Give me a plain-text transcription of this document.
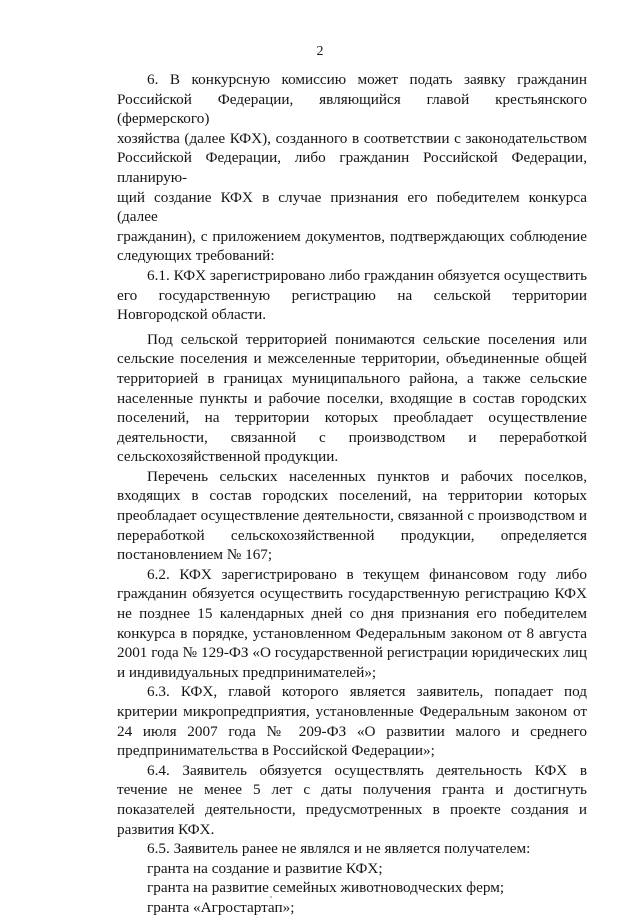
2
6. В конкурсную комиссию может подать заявку гражданин
Российской Федерации, являющийся главой крестьянского (фермерского)
хозяйства (далее КФХ), созданного в соответствии с законодательством
Российской Федерации, либо гражданин Российской Федерации, планирую-
щий создание КФХ в случае признания его победителем конкурса (далее
гражданин), с приложением документов, подтверждающих соблюдение
следующих требований:

6.1. КФХ зарегистрировано либо гражданин обязуется осуществить его государственную регистрацию на сельской территории Новгородской области.

Под сельской территорией понимаются сельские поселения или сельские поселения и межселенные территории, объединенные общей территорией в границах муниципального района, а также сельские населенные пункты и рабочие поселки, входящие в состав городских поселений, на территории которых преобладает осуществление деятельности, связанной с производством и переработкой сельскохозяйственной продукции.

Перечень сельских населенных пунктов и рабочих поселков, входящих в состав городских поселений, на территории которых преобладает осуществление деятельности, связанной с производством и переработкой сельскохозяйственной продукции, определяется постановлением № 167;

6.2. КФХ зарегистрировано в текущем финансовом году либо гражданин обязуется осуществить государственную регистрацию КФХ не позднее 15 календарных дней со дня признания его победителем конкурса в порядке, установленном Федеральным законом от 8 августа 2001 года № 129-ФЗ «О государственной регистрации юридических лиц и индивидуальных предпринимателей»;

6.3. КФХ, главой которого является заявитель, попадает под критерии микропредприятия, установленные Федеральным законом от 24 июля 2007 года № 209-ФЗ «О развитии малого и среднего предпринимательства в Российской Федерации»;

6.4. Заявитель обязуется осуществлять деятельность КФХ в течение не менее 5 лет с даты получения гранта и достигнуть показателей деятельности, предусмотренных в проекте создания и развития КФХ.

6.5. Заявитель ранее не являлся и не является получателем:

гранта на создание и развитие КФХ;

гранта на развитие семейных животноводческих ферм;

гранта «Агростартап»;
